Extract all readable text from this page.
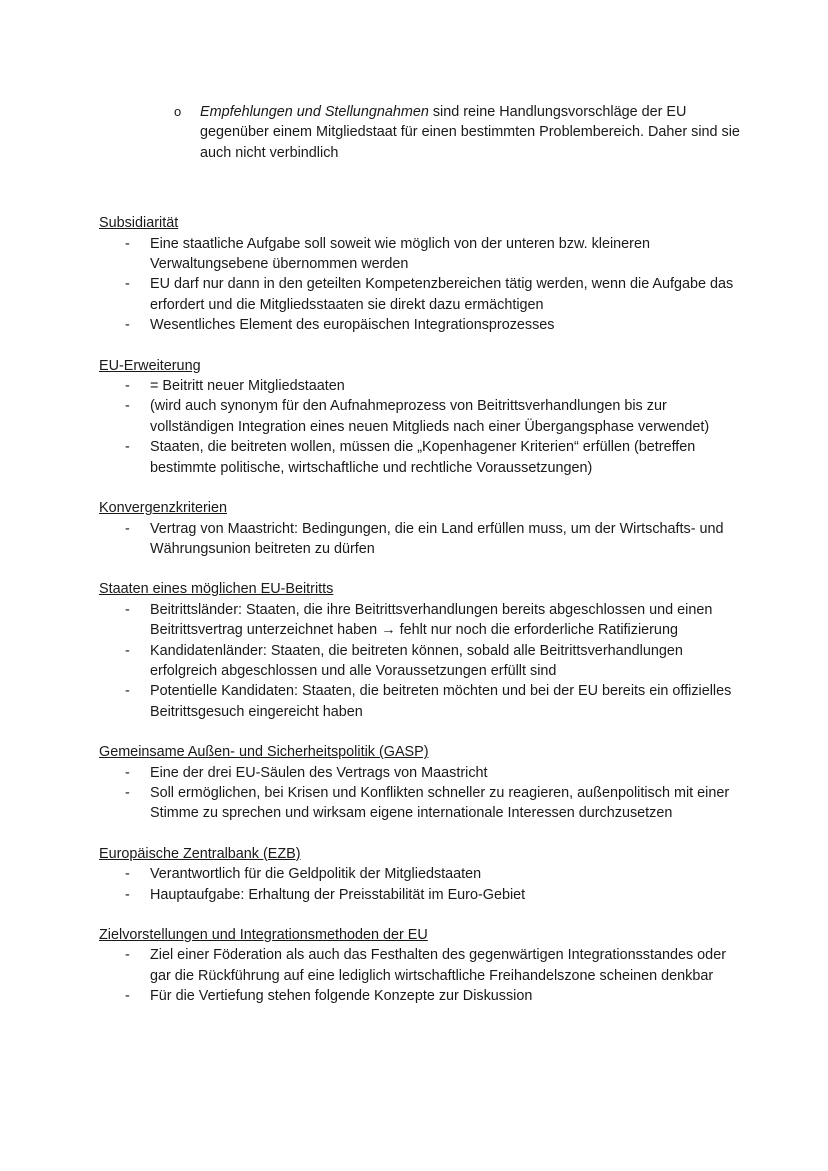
o Empfehlungen und Stellungnahmen sind reine Handlungsvorschläge der EU gegenüber einem Mitgliedstaat für einen bestimmten Problembereich. Daher sind sie auch nicht verbindlich
Subsidiarität
- Eine staatliche Aufgabe soll soweit wie möglich von der unteren bzw. kleineren Verwaltungsebene übernommen werden
- EU darf nur dann in den geteilten Kompetenzbereichen tätig werden, wenn die Aufgabe das erfordert und die Mitgliedsstaaten sie direkt dazu ermächtigen
- Wesentliches Element des europäischen Integrationsprozesses
EU-Erweiterung
- = Beitritt neuer Mitgliedstaaten
- (wird auch synonym für den Aufnahmeprozess von Beitrittsverhandlungen bis zur vollständigen Integration eines neuen Mitglieds nach einer Übergangsphase verwendet)
- Staaten, die beitreten wollen, müssen die „Kopenhagener Kriterien“ erfüllen (betreffen bestimmte politische, wirtschaftliche und rechtliche Voraussetzungen)
Konvergenzkriterien
- Vertrag von Maastricht: Bedingungen, die ein Land erfüllen muss, um der Wirtschafts- und Währungsunion beitreten zu dürfen
Staaten eines möglichen EU-Beitritts
- Beitrittsländer: Staaten, die ihre Beitrittsverhandlungen bereits abgeschlossen und einen Beitrittsvertrag unterzeichnet haben → fehlt nur noch die erforderliche Ratifizierung
- Kandidatenländer: Staaten, die beitreten können, sobald alle Beitrittsverhandlungen erfolgreich abgeschlossen und alle Voraussetzungen erfüllt sind
- Potentielle Kandidaten: Staaten, die beitreten möchten und bei der EU bereits ein offizielles Beitrittsgesuch eingereicht haben
Gemeinsame Außen- und Sicherheitspolitik (GASP)
- Eine der drei EU-Säulen des Vertrags von Maastricht
- Soll ermöglichen, bei Krisen und Konflikten schneller zu reagieren, außenpolitisch mit einer Stimme zu sprechen und wirksam eigene internationale Interessen durchzusetzen
Europäische Zentralbank (EZB)
- Verantwortlich für die Geldpolitik der Mitgliedstaaten
- Hauptaufgabe: Erhaltung der Preisstabilität im Euro-Gebiet
Zielvorstellungen und Integrationsmethoden der EU
- Ziel einer Föderation als auch das Festhalten des gegenwärtigen Integrationsstandes oder gar die Rückführung auf eine lediglich wirtschaftliche Freihandelszone scheinen denkbar
- Für die Vertiefung stehen folgende Konzepte zur Diskussion
